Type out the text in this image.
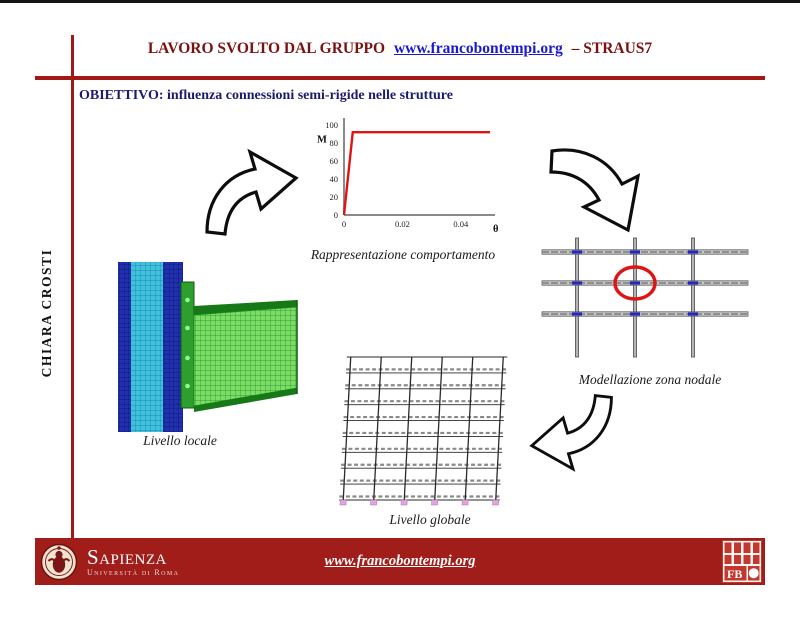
LAVORO SVOLTO DAL GRUPPO www.francobontempi.org – STRAUS7
OBIETTIVO: influenza connessioni semi-rigide nelle strutture
CHIARA CROSTI
0
20
40
60
80
100
0	0.02	0.04
M
θ
Rappresentazione comportamento
Livello locale
Modellazione zona nodale
Livello globale
Sapienza
Università di Roma
www.francobontempi.org
FB
